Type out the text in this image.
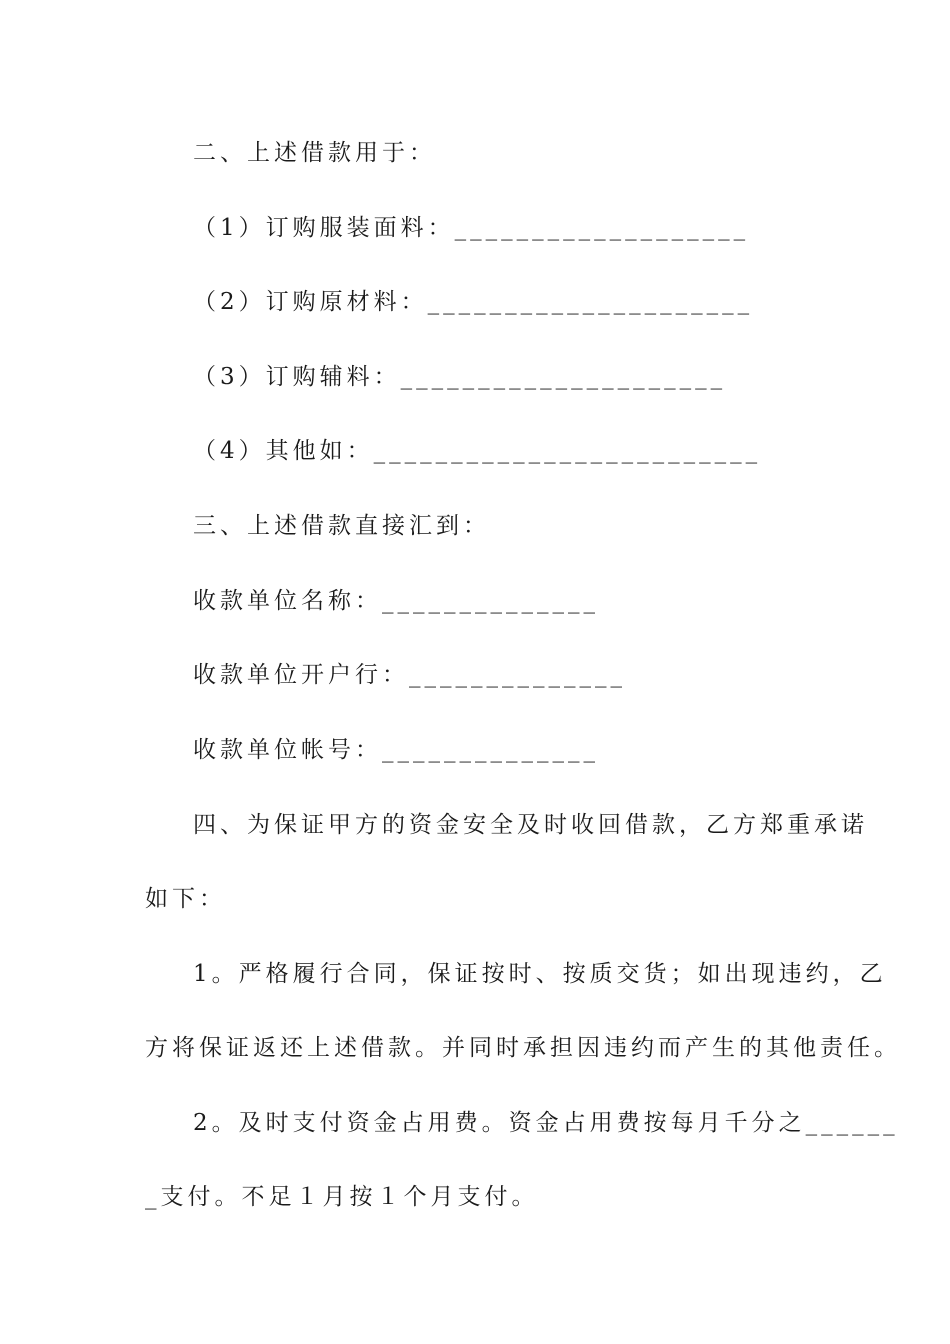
二、上述借款用于：
（1）订购服装面料：___________________
（2）订购原材料：_____________________
（3）订购辅料：_____________________
（4）其他如：_________________________
三、上述借款直接汇到：
收款单位名称：______________
收款单位开户行：______________
收款单位帐号：______________
四、为保证甲方的资金安全及时收回借款，乙方郑重承诺
如下：
1。严格履行合同，保证按时、按质交货；如出现违约，乙
方将保证返还上述借款。并同时承担因违约而产生的其他责任。
2。及时支付资金占用费。资金占用费按每月千分之______
_支付。不足１月按１个月支付。
